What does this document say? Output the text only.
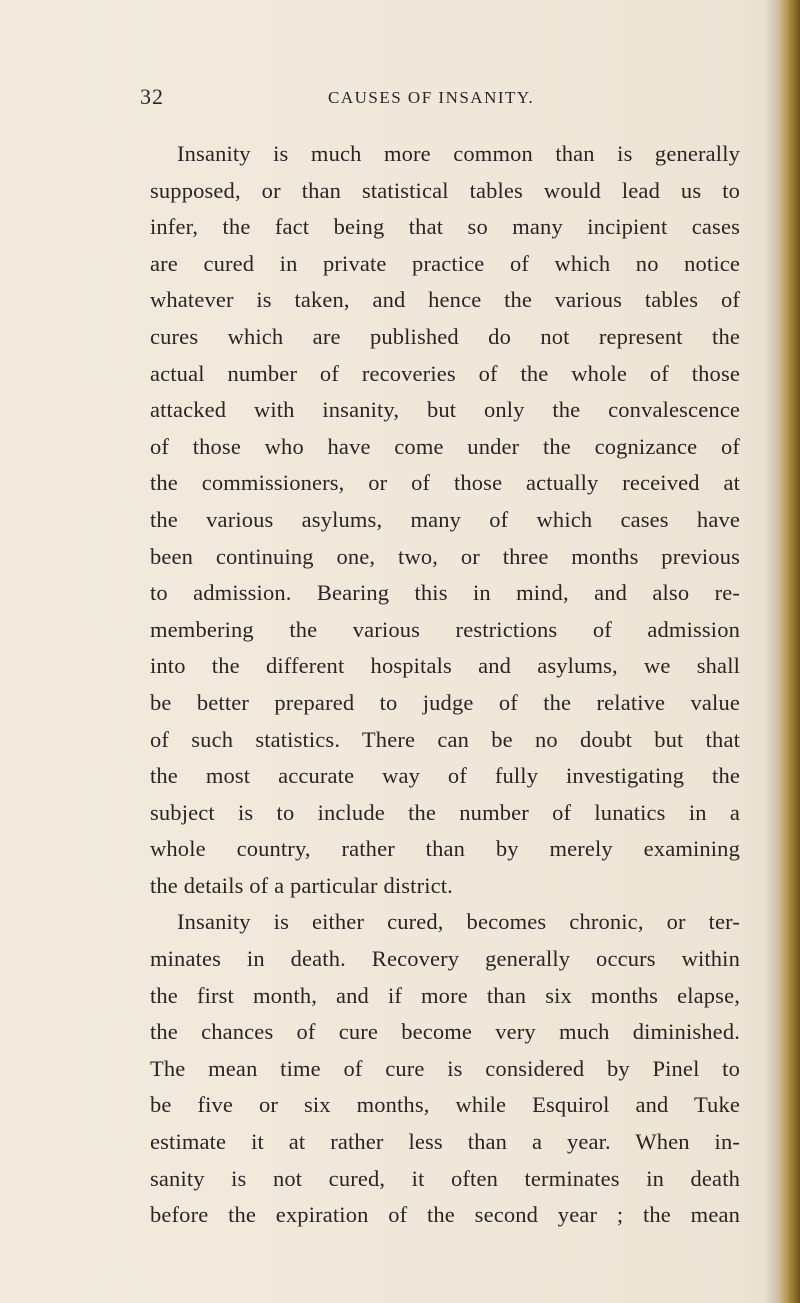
32	CAUSES OF INSANITY.
Insanity is much more common than is generally
supposed, or than statistical tables would lead us to
infer, the fact being that so many incipient cases
are cured in private practice of which no notice
whatever is taken, and hence the various tables of
cures which are published do not represent the
actual number of recoveries of the whole of those
attacked with insanity, but only the convalescence
of those who have come under the cognizance of
the commissioners, or of those actually received at
the various asylums, many of which cases have
been continuing one, two, or three months previous
to admission. Bearing this in mind, and also re-
membering the various restrictions of admission
into the different hospitals and asylums, we shall
be better prepared to judge of the relative value
of such statistics. There can be no doubt but that
the most accurate way of fully investigating the
subject is to include the number of lunatics in a
whole country, rather than by merely examining
the details of a particular district.
Insanity is either cured, becomes chronic, or ter-
minates in death. Recovery generally occurs within
the first month, and if more than six months elapse,
the chances of cure become very much diminished.
The mean time of cure is considered by Pinel to
be five or six months, while Esquirol and Tuke
estimate it at rather less than a year. When in-
sanity is not cured, it often terminates in death
before the expiration of the second year ; the mean
